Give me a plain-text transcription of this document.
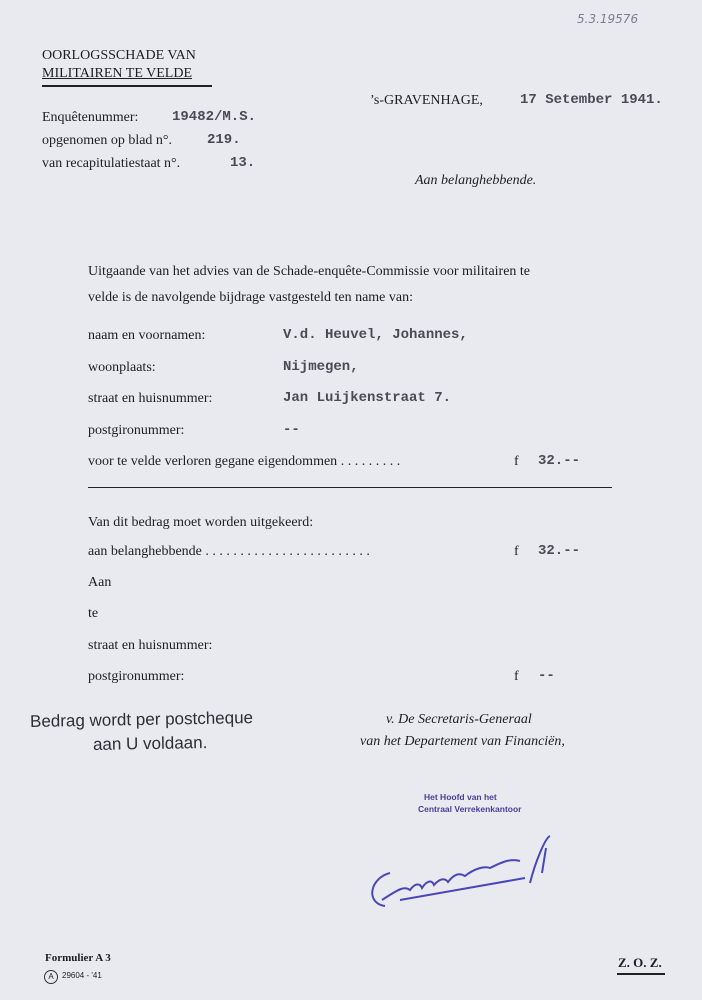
5.3.19576
OORLOGSSCHADE VAN
MILITAIREN TE VELDE
’s-GRAVENHAGE,	17 Setember 1941.
Enquêtenummer: 19482/M.S.
opgenomen op blad n°. 219.
van recapitulatiestaat n°.	13.
Aan belanghebbende.
Uitgaande van het advies van de Schade-enquête-Commissie voor militairen te
velde is de navolgende bijdrage vastgesteld ten name van:
naam en voornamen:	V.d. Heuvel, Johannes,
woonplaats:	Nijmegen,
straat en huisnummer:	Jan Luijkenstraat 7.
postgironummer:	--
voor te velde verloren gegane eigendommen . . . . . . . . .	f 32.--
Van dit bedrag moet worden uitgekeerd:
aan belanghebbende . . . . . . . . . . . . . . . . . . . . . . . .	f 32.--
Aan
te
straat en huisnummer:
postgironummer:	f --
Bedrag wordt per postcheque
aan U voldaan.
v. De Secretaris-Generaal
van het Departement van Financiën,
Het Hoofd van het
Centraal Verrekenkantoor
Formulier A 3
A	29604 - '41
Z. O. Z.
